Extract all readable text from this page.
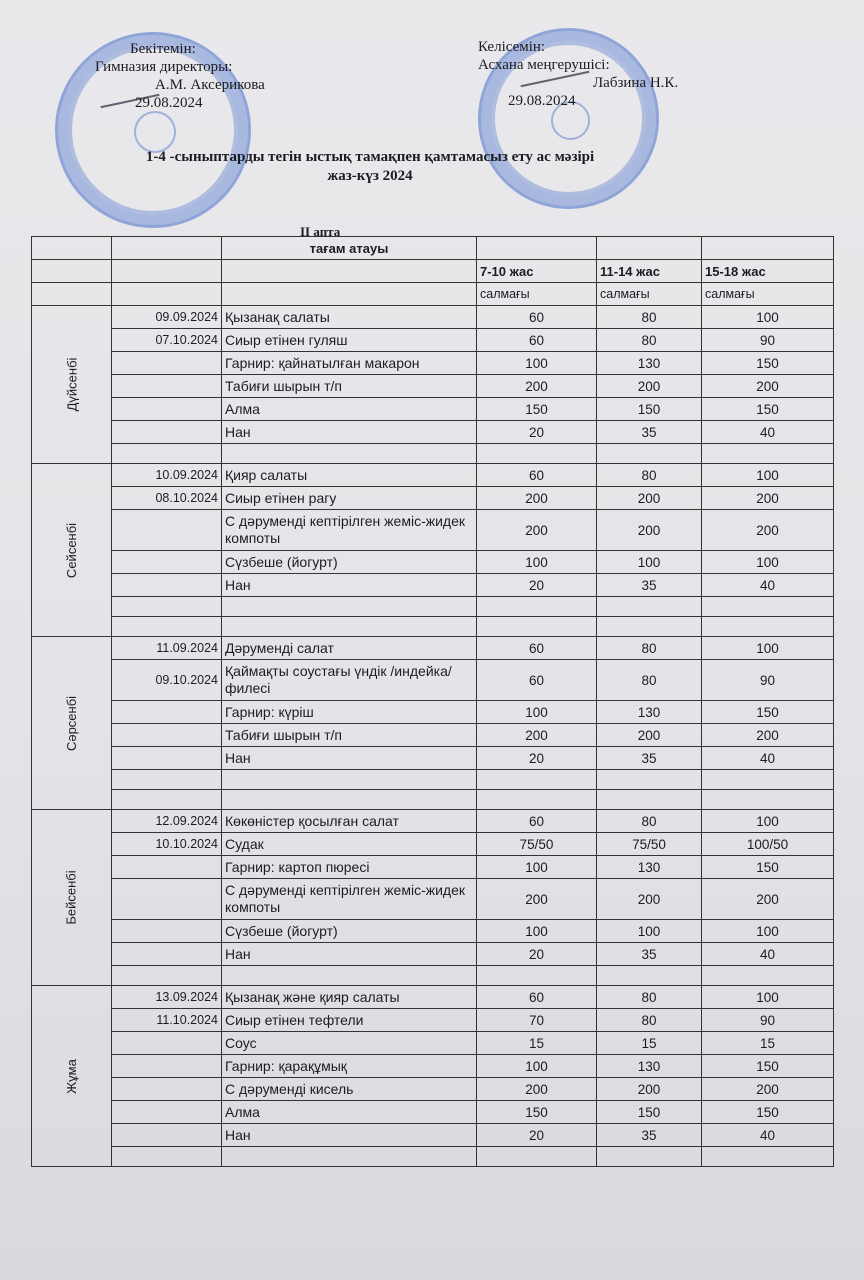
Бекітемін:
Гимназия директоры:
А.М. Аксерикова
29.08.2024
Келісемін:
Асхана меңгерушісі:
Лабзина Н.К.
29.08.2024
1-4 -сыныптарды тегін ыстық тамақпен қамтамасыз ету ас мәзірі
жаз-күз 2024
II апта
		тағам атауы			
			7-10 жас	11-14 жас	15-18 жас
			салмағы	салмағы	салмағы
Дүйсенбі	09.09.2024	Қызанақ салаты	60	80	100
	07.10.2024	Сиыр етінен гуляш	60	80	90
		Гарнир: қайнатылған макарон	100	130	150
		Табиғи шырын т/п	200	200	200
		Алма	150	150	150
		Нан	20	35	40

Сейсенбі	10.09.2024	Қияр салаты	60	80	100
	08.10.2024	Сиыр етінен рагу	200	200	200
		С дәруменді кептірілген жеміс-жидек компоты	200	200	200
		Сүзбеше (йогурт)	100	100	100
		Нан	20	35	40

Сәрсенбі	11.09.2024	Дәруменді салат	60	80	100
	09.10.2024	Қаймақты соустағы үндік /индейка/ филесі	60	80	90
		Гарнир: күріш	100	130	150
		Табиғи шырын т/п	200	200	200
		Нан	20	35	40

Бейсенбі	12.09.2024	Көкөністер қосылған салат	60	80	100
	10.10.2024	Судак	75/50	75/50	100/50
		Гарнир: картоп пюресі	100	130	150
		С дәруменді кептірілген жеміс-жидек компоты	200	200	200
		Сүзбеше (йогурт)	100	100	100
		Нан	20	35	40

Жұма	13.09.2024	Қызанақ және қияр салаты	60	80	100
	11.10.2024	Сиыр етінен тефтели	70	80	90
		Соус	15	15	15
		Гарнир: қарақұмық	100	130	150
		С дәруменді кисель	200	200	200
		Алма	150	150	150
		Нан	20	35	40
